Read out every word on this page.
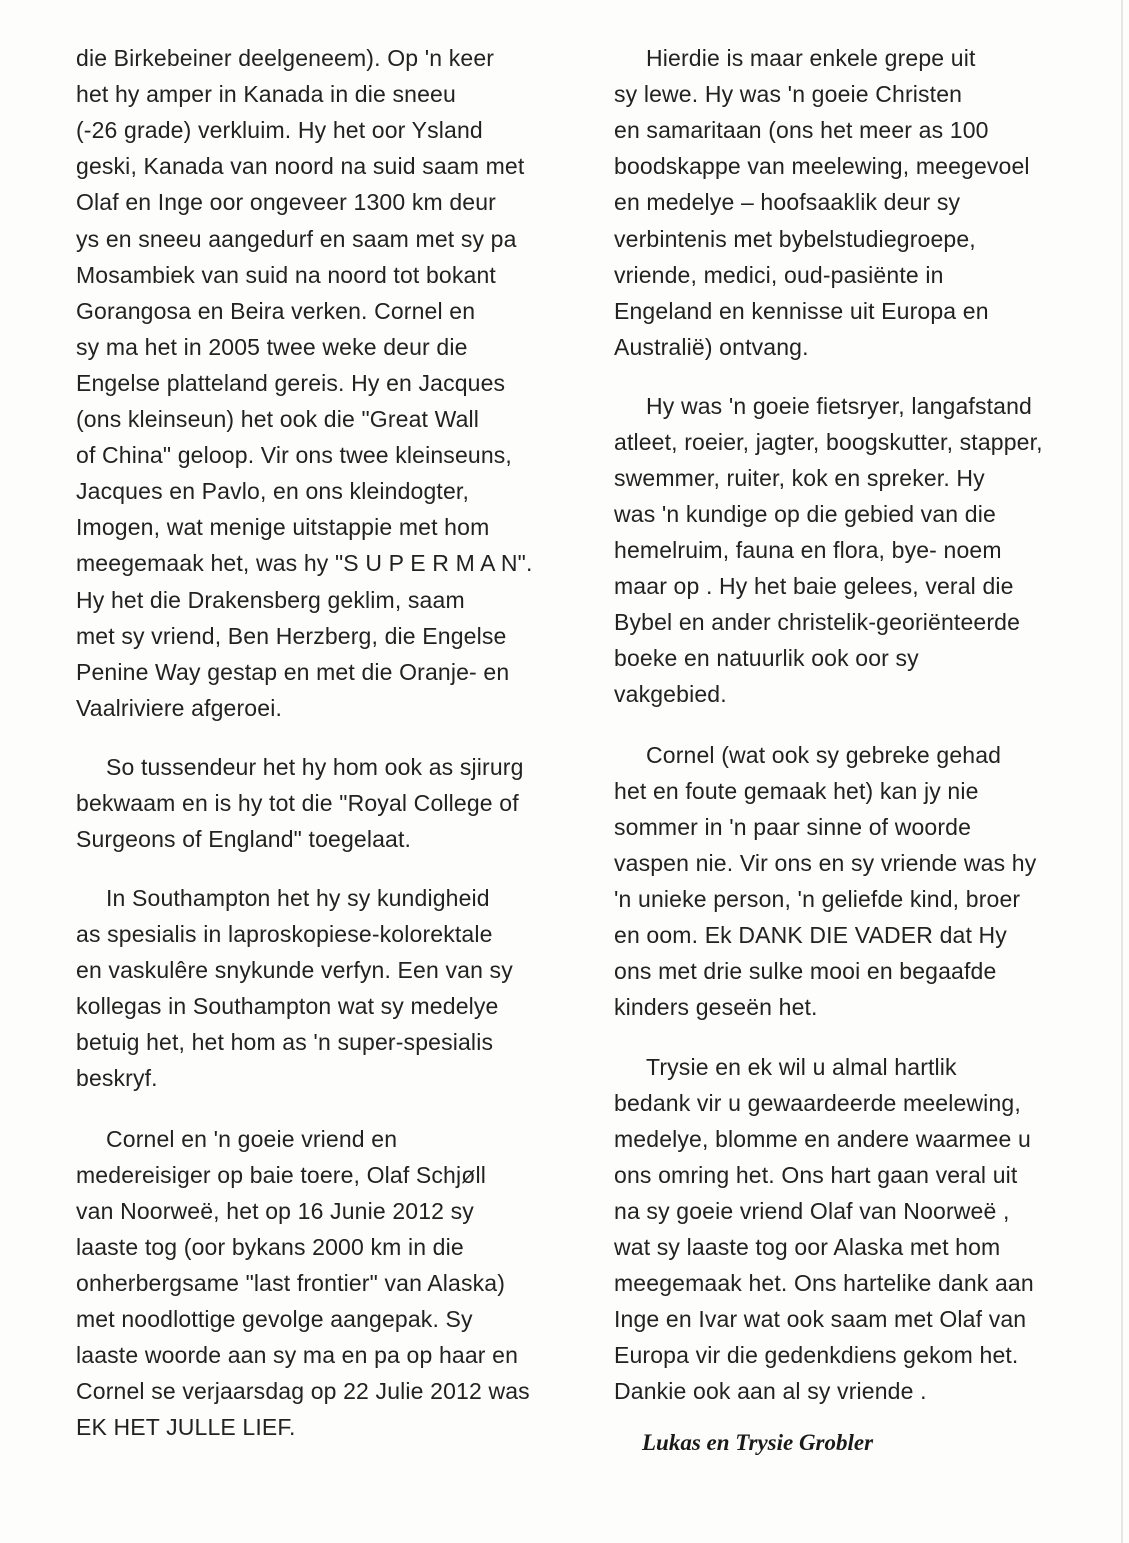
die Birkebeiner deelgeneem). Op 'n keer
het hy amper in Kanada in die sneeu
(-26 grade) verkluim. Hy het oor Ysland
geski, Kanada van noord na suid saam met
Olaf en Inge oor ongeveer 1300 km deur
ys en sneeu aangedurf en saam met sy pa
Mosambiek van suid na noord tot bokant
Gorangosa en Beira verken. Cornel en
sy ma het in 2005 twee weke deur die
Engelse platteland gereis. Hy en Jacques
(ons kleinseun) het ook die "Great Wall
of China" geloop. Vir ons twee kleinseuns,
Jacques en Pavlo, en ons kleindogter,
Imogen, wat menige uitstappie met hom
meegemaak het, was hy "S U P E R M A N".
Hy het die Drakensberg geklim, saam
met sy vriend, Ben Herzberg, die Engelse
Penine Way gestap en met die Oranje- en
Vaalriviere afgeroei.
So tussendeur het hy hom ook as sjirurg
bekwaam en is hy tot die "Royal College of
Surgeons of England" toegelaat.
In Southampton het hy sy kundigheid
as spesialis in laproskopiese-kolorektale
en vaskulêre snykunde verfyn. Een van sy
kollegas in Southampton wat sy medelye
betuig het, het hom as 'n super-spesialis
beskryf.
Cornel en 'n goeie vriend en
medereisiger op baie toere, Olaf Schjøll
van Noorweë, het op 16 Junie 2012 sy
laaste tog (oor bykans 2000 km in die
onherbergsame "last frontier" van Alaska)
met noodlottige gevolge aangepak. Sy
laaste woorde aan sy ma en pa op haar en
Cornel se verjaarsdag op 22 Julie 2012 was
EK HET JULLE LIEF.
Hierdie is maar enkele grepe uit
sy lewe. Hy was 'n goeie Christen
en samaritaan (ons het meer as 100
boodskappe van meelewing, meegevoel
en medelye – hoofsaaklik deur sy
verbintenis met bybelstudiegroepe,
vriende, medici, oud-pasiënte in
Engeland en kennisse uit Europa en
Australië) ontvang.
Hy was 'n goeie fietsryer, langafstand
atleet, roeier, jagter, boogskutter, stapper,
swemmer, ruiter, kok en spreker. Hy
was 'n kundige op die gebied van die
hemelruim, fauna en flora, bye- noem
maar op . Hy het baie gelees, veral die
Bybel en ander christelik-georiënteerde
boeke en natuurlik ook oor sy
vakgebied.
Cornel (wat ook sy gebreke gehad
het en foute gemaak het) kan jy nie
sommer in 'n paar sinne of woorde
vaspen nie. Vir ons en sy vriende was hy
'n unieke person, 'n geliefde kind, broer
en oom. Ek DANK DIE VADER dat Hy
ons met drie sulke mooi en begaafde
kinders geseën het.
Trysie en ek wil u almal hartlik
bedank vir u gewaardeerde meelewing,
medelye, blomme en andere waarmee u
ons omring het. Ons hart gaan veral uit
na sy goeie vriend Olaf van Noorweë ,
wat sy laaste tog oor Alaska met hom
meegemaak het. Ons hartelike dank aan
Inge en Ivar wat ook saam met Olaf van
Europa vir die gedenkdiens gekom het.
Dankie ook aan al sy vriende .
Lukas en Trysie Grobler
